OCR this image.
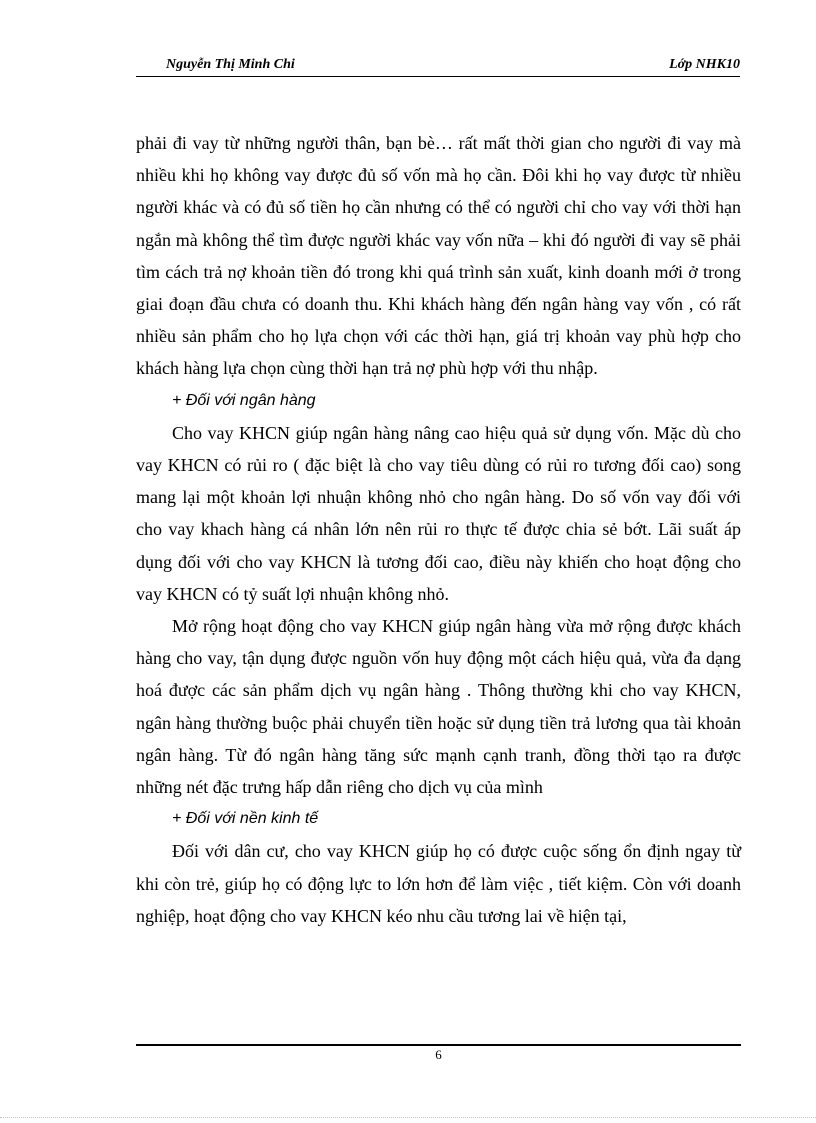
Nguyễn Thị Minh Chi	Lớp NHK10

phải đi vay từ những người thân, bạn bè… rất mất thời gian cho người đi vay mà nhiều khi họ không vay được đủ số vốn mà họ cần. Đôi khi họ vay được từ nhiều người khác và có đủ số tiền họ cần nhưng có thể có người chỉ cho vay với thời hạn ngắn mà không thể tìm được người khác vay vốn nữa – khi đó người đi vay sẽ phải tìm cách trả nợ khoản tiền đó trong khi quá trình sản xuất, kinh doanh mới ở trong giai đoạn đầu chưa có doanh thu. Khi khách hàng đến ngân hàng vay vốn , có rất nhiều sản phẩm cho họ lựa chọn với các thời hạn, giá trị khoản vay phù hợp cho khách hàng lựa chọn cùng thời hạn trả nợ phù hợp với thu nhập.

+ Đối với ngân hàng

Cho vay KHCN giúp ngân hàng nâng cao hiệu quả sử dụng vốn. Mặc dù cho vay KHCN có rủi ro ( đặc biệt là cho vay tiêu dùng có rủi ro tương đối cao) song mang lại một khoản lợi nhuận không nhỏ cho ngân hàng. Do số vốn vay đối với cho vay khach hàng cá nhân lớn nên rủi ro thực tế được chia sẻ bớt. Lãi suất áp dụng đối với cho vay KHCN là tương đối cao, điều này khiến cho hoạt động cho vay KHCN có tỷ suất lợi nhuận không nhỏ.

Mở rộng hoạt động cho vay KHCN giúp ngân hàng vừa mở rộng được khách hàng cho vay, tận dụng được nguồn vốn huy động một cách hiệu quả, vừa đa dạng hoá được các sản phẩm dịch vụ ngân hàng . Thông thường khi cho vay KHCN, ngân hàng thường buộc phải chuyển tiền hoặc sử dụng tiền trả lương qua tài khoản ngân hàng. Từ đó ngân hàng tăng sức mạnh cạnh tranh, đồng thời tạo ra được những nét đặc trưng hấp dẫn riêng cho dịch vụ của mình

+ Đối với nền kinh tế

Đối với dân cư, cho vay KHCN giúp họ có được cuộc sống ổn định ngay từ khi còn trẻ, giúp họ có động lực to lớn hơn để làm việc , tiết kiệm. Còn với doanh nghiệp, hoạt động cho vay KHCN kéo nhu cầu tương lai về hiện tại,

6
